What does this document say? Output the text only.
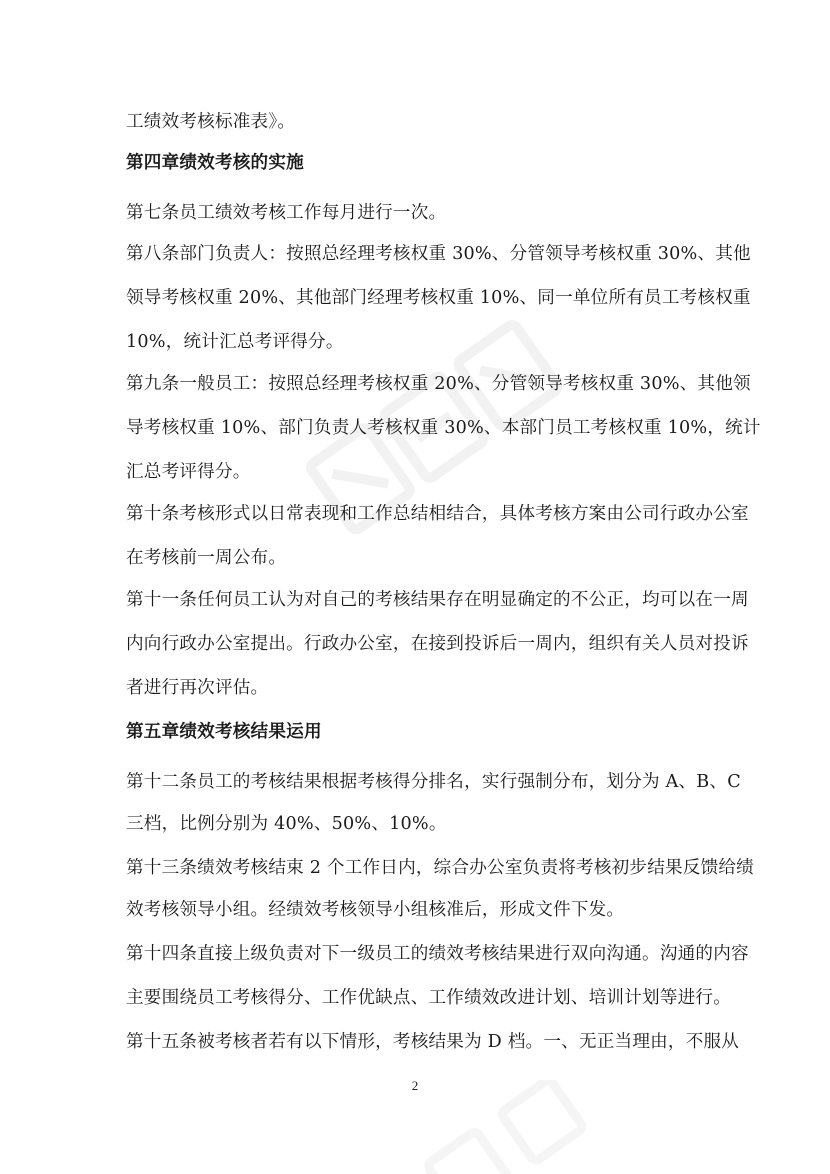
工绩效考核标准表》。
第四章绩效考核的实施
第七条员工绩效考核工作每月进行一次。
第八条部门负责人：按照总经理考核权重 30%、分管领导考核权重 30%、其他
领导考核权重 20%、其他部门经理考核权重 10%、同一单位所有员工考核权重
10%，统计汇总考评得分。
第九条一般员工：按照总经理考核权重 20%、分管领导考核权重 30%、其他领
导考核权重 10%、部门负责人考核权重 30%、本部门员工考核权重 10%，统计
汇总考评得分。
第十条考核形式以日常表现和工作总结相结合，具体考核方案由公司行政办公室
在考核前一周公布。
第十一条任何员工认为对自己的考核结果存在明显确定的不公正，均可以在一周
内向行政办公室提出。行政办公室，在接到投诉后一周内，组织有关人员对投诉
者进行再次评估。
第五章绩效考核结果运用
第十二条员工的考核结果根据考核得分排名，实行强制分布，划分为 A、B、C
三档，比例分别为 40%、50%、10%。
第十三条绩效考核结束 2 个工作日内，综合办公室负责将考核初步结果反馈给绩
效考核领导小组。经绩效考核领导小组核准后，形成文件下发。
第十四条直接上级负责对下一级员工的绩效考核结果进行双向沟通。沟通的内容
主要围绕员工考核得分、工作优缺点、工作绩效改进计划、培训计划等进行。
第十五条被考核者若有以下情形，考核结果为 D 档。一、无正当理由，不服从
2
